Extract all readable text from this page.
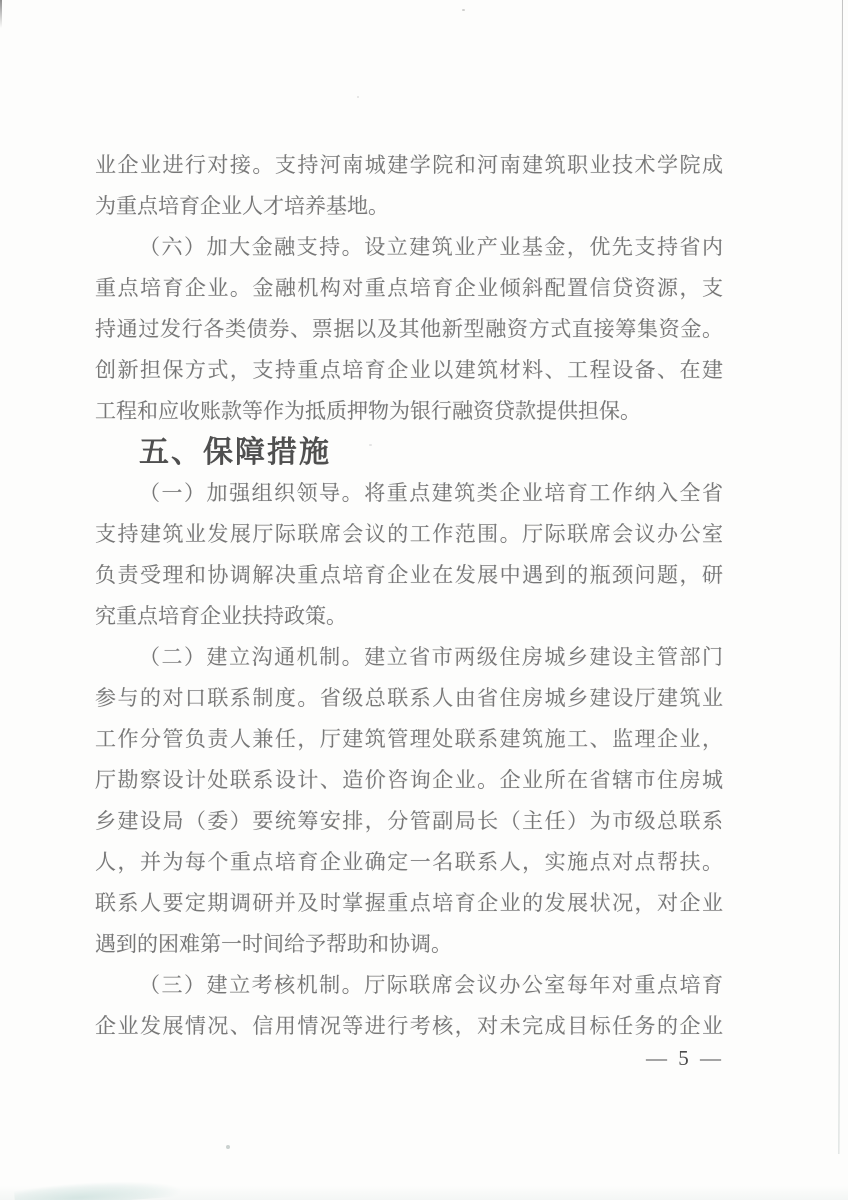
业企业进行对接。支持河南城建学院和河南建筑职业技术学院成
为重点培育企业人才培养基地。
（六）加大金融支持。设立建筑业产业基金，优先支持省内
重点培育企业。金融机构对重点培育企业倾斜配置信贷资源，支
持通过发行各类债券、票据以及其他新型融资方式直接筹集资金。
创新担保方式，支持重点培育企业以建筑材料、工程设备、在建
工程和应收账款等作为抵质押物为银行融资贷款提供担保。
五、保障措施
（一）加强组织领导。将重点建筑类企业培育工作纳入全省
支持建筑业发展厅际联席会议的工作范围。厅际联席会议办公室
负责受理和协调解决重点培育企业在发展中遇到的瓶颈问题，研
究重点培育企业扶持政策。
（二）建立沟通机制。建立省市两级住房城乡建设主管部门
参与的对口联系制度。省级总联系人由省住房城乡建设厅建筑业
工作分管负责人兼任，厅建筑管理处联系建筑施工、监理企业，
厅勘察设计处联系设计、造价咨询企业。企业所在省辖市住房城
乡建设局（委）要统筹安排，分管副局长（主任）为市级总联系
人，并为每个重点培育企业确定一名联系人，实施点对点帮扶。
联系人要定期调研并及时掌握重点培育企业的发展状况，对企业
遇到的困难第一时间给予帮助和协调。
（三）建立考核机制。厅际联席会议办公室每年对重点培育
企业发展情况、信用情况等进行考核，对未完成目标任务的企业
— 5 —
